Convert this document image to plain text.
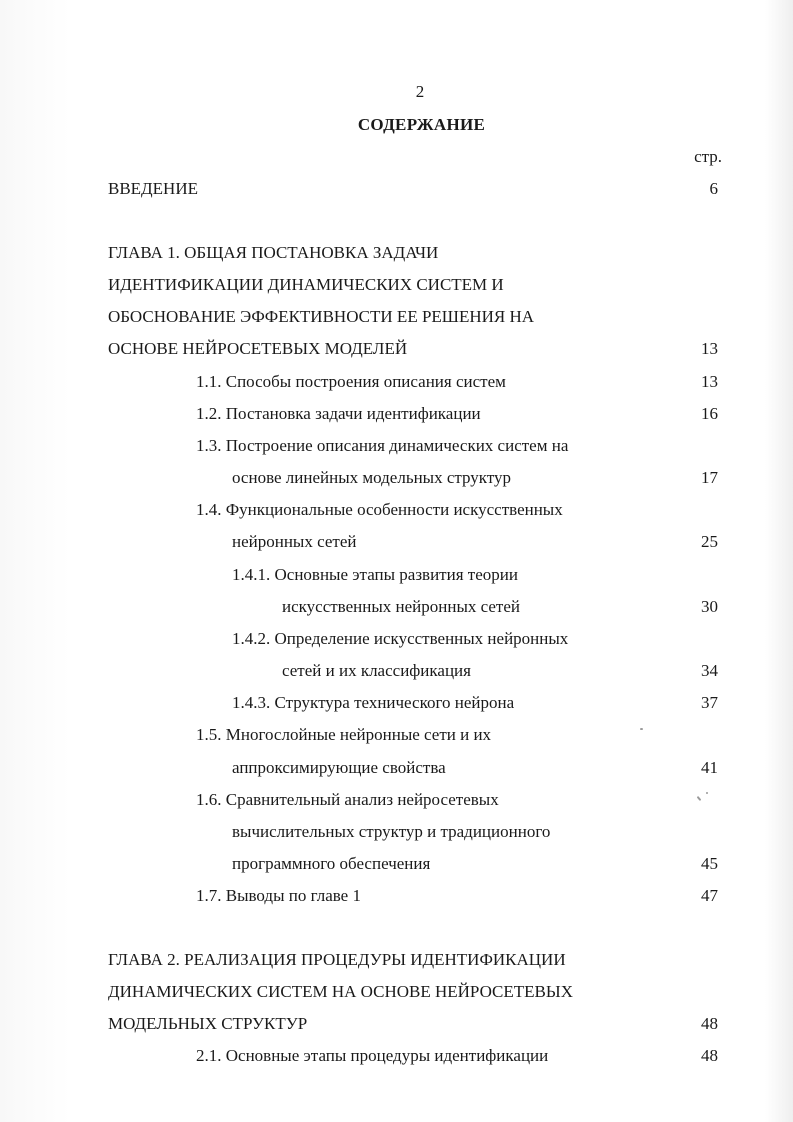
2
СОДЕРЖАНИЕ
стр.
ВВЕДЕНИЕ	6
ГЛАВА 1. ОБЩАЯ ПОСТАНОВКА ЗАДАЧИ
ИДЕНТИФИКАЦИИ ДИНАМИЧЕСКИХ СИСТЕМ И
ОБОСНОВАНИЕ ЭФФЕКТИВНОСТИ ЕЕ РЕШЕНИЯ НА
ОСНОВЕ НЕЙРОСЕТЕВЫХ МОДЕЛЕЙ	13
1.1. Способы построения описания систем	13
1.2. Постановка задачи идентификации	16
1.3. Построение описания динамических систем на
основе линейных модельных структур	17
1.4. Функциональные особенности искусственных
нейронных сетей	25
1.4.1. Основные этапы развития теории
искусственных нейронных сетей	30
1.4.2. Определение искусственных нейронных
сетей и их классификация	34
1.4.3. Структура технического нейрона	37
1.5. Многослойные нейронные сети и их
аппроксимирующие свойства	41
1.6. Сравнительный анализ нейросетевых
вычислительных структур и традиционного
программного обеспечения	45
1.7. Выводы по главе 1	47
ГЛАВА 2. РЕАЛИЗАЦИЯ ПРОЦЕДУРЫ ИДЕНТИФИКАЦИИ
ДИНАМИЧЕСКИХ СИСТЕМ НА ОСНОВЕ НЕЙРОСЕТЕВЫХ
МОДЕЛЬНЫХ СТРУКТУР	48
2.1. Основные этапы процедуры идентификации	48
